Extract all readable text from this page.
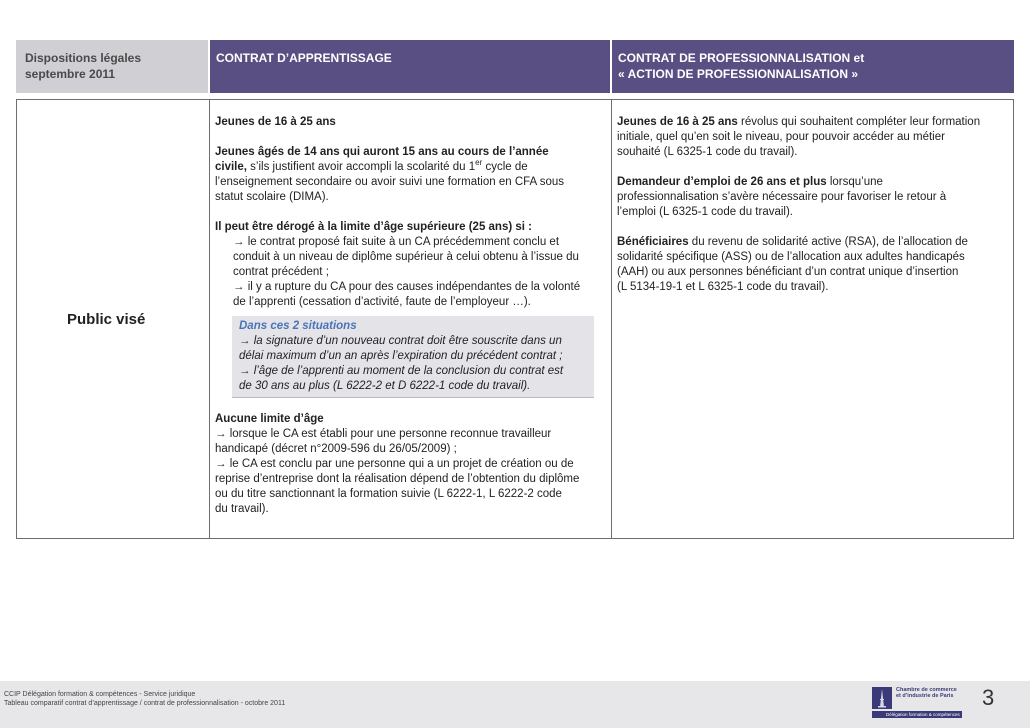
Dispositions légales
septembre 2011
CONTRAT D’APPRENTISSAGE	CONTRAT DE PROFESSIONNALISATION et
« ACTION DE PROFESSIONNALISATION »
Public visé
Jeunes de 16 à 25 ans
Jeunes âgés de 14 ans qui auront 15 ans au cours de l’année
civile, s’ils justifient avoir accompli la scolarité du 1er cycle de
l’enseignement secondaire ou avoir suivi une formation en CFA sous
statut scolaire (DIMA).
Il peut être dérogé à la limite d’âge supérieure (25 ans) si :
→ le contrat proposé fait suite à un CA précédemment conclu et
conduit à un niveau de diplôme supérieur à celui obtenu à l’issue du
contrat précédent ;
→ il y a rupture du CA pour des causes indépendantes de la volonté
de l’apprenti (cessation d’activité, faute de l’employeur …).
Dans ces 2 situations
→ la signature d’un nouveau contrat doit être souscrite dans un
délai maximum d’un an après l’expiration du précédent contrat ;
→ l’âge de l’apprenti au moment de la conclusion du contrat est
de 30 ans au plus (L 6222-2 et D 6222-1 code du travail).
Aucune limite d’âge
→ lorsque le CA est établi pour une personne reconnue travailleur
handicapé (décret n°2009-596 du 26/05/2009) ;
→ le CA est conclu par une personne qui a un projet de création ou de
reprise d’entreprise dont la réalisation dépend de l’obtention du diplôme
ou du titre sanctionnant la formation suivie (L 6222-1, L 6222-2 code
du travail).
Jeunes de 16 à 25 ans révolus qui souhaitent compléter leur formation
initiale, quel qu’en soit le niveau, pour pouvoir accéder au métier
souhaité (L 6325-1 code du travail).
Demandeur d’emploi de 26 ans et plus lorsqu’une
professionnalisation s’avère nécessaire pour favoriser le retour à
l’emploi (L 6325-1 code du travail).
Bénéficiaires du revenu de solidarité active (RSA), de l’allocation de
solidarité spécifique (ASS) ou de l’allocation aux adultes handicapés
(AAH) ou aux personnes bénéficiant d’un contrat unique d’insertion
(L 5134-19-1 et L 6325-1 code du travail).
CCIP Délégation formation & compétences - Service juridique
Tableau comparatif contrat d’apprentissage / contrat de professionnalisation - octobre 2011
Chambre de commerce
et d’industrie de Paris
Délégation formation & compétences
3
